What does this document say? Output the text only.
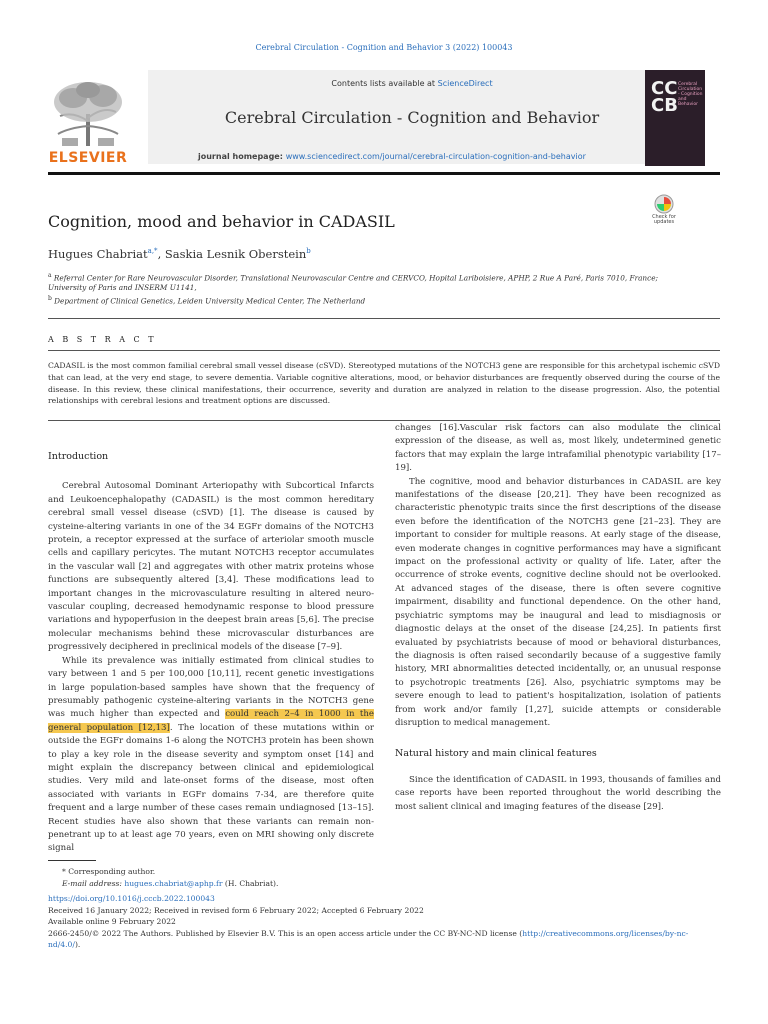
Cerebral Circulation - Cognition and Behavior 3 (2022) 100043
ELSEVIER
Contents lists available at ScienceDirect
Cerebral Circulation - Cognition and Behavior
journal homepage: www.sciencedirect.com/journal/cerebral-circulation-cognition-and-behavior
CC
CB
Cerebral Circulation - Cognition and Behavior
Cognition, mood and behavior in CADASIL	Check for updates
Hugues Chabriat$^{a,*}$, Saskia Lesnik Oberstein$^b$
$^a$ Referral Center for Rare Neurovascular Disorder, Translational Neurovascular Centre and CERVCO, Hopital Lariboisiere, APHP, 2 Rue A Paré, Paris 7010, France; University of Paris and INSERM U1141,
$^b$ Department of Clinical Genetics, Leiden University Medical Center, The Netherland
A B S T R A C T
CADASIL is the most common familial cerebral small vessel disease (cSVD). Stereotyped mutations of the NOTCH3 gene are responsible for this archetypal ischemic cSVD that can lead, at the very end stage, to severe dementia. Variable cognitive alterations, mood, or behavior disturbances are frequently observed during the course of the disease. In this review, these clinical manifestations, their occurrence, severity and duration are analyzed in relation to the disease progression. Also, the potential relationships with cerebral lesions and treatment options are discussed.
Introduction

Cerebral Autosomal Dominant Arteriopathy with Subcortical Infarcts and Leukoencephalopathy (CADASIL) is the most common hereditary cerebral small vessel disease (cSVD) [1]. The disease is caused by cysteine-altering variants in one of the 34 EGFr domains of the NOTCH3 protein, a receptor expressed at the surface of arteriolar smooth muscle cells and capillary pericytes. The mutant NOTCH3 receptor accumulates in the vascular wall [2] and aggregates with other matrix proteins whose functions are subsequently altered [3,4]. These modifications lead to important changes in the microvasculature resulting in altered neuro-vascular coupling, decreased hemodynamic response to blood pressure variations and hypoperfusion in the deepest brain areas [5,6]. The precise molecular mechanisms behind these microvascular disturbances are progressively deciphered in preclinical models of the disease [7–9].

While its prevalence was initially estimated from clinical studies to vary between 1 and 5 per 100,000 [10,11], recent genetic investigations in large population-based samples have shown that the frequency of presumably pathogenic cysteine-altering variants in the NOTCH3 gene was much higher than expected and could reach 2–4 in 1000 in the general population [12,13]. The location of these mutations within or outside the EGFr domains 1-6 along the NOTCH3 protein has been shown to play a key role in the disease severity and symptom onset [14] and might explain the discrepancy between clinical and epidemiological studies. Very mild and late-onset forms of the disease, most often associated with variants in EGFr domains 7-34, are therefore quite frequent and a large number of these cases remain undiagnosed [13–15]. Recent studies have also shown that these variants can remain non-penetrant up to at least age 70 years, even on MRI showing only discrete signal

changes [16].Vascular risk factors can also modulate the clinical expression of the disease, as well as, most likely, undetermined genetic factors that may explain the large intrafamilial phenotypic variability [17–19].

The cognitive, mood and behavior disturbances in CADASIL are key manifestations of the disease [20,21]. They have been recognized as characteristic phenotypic traits since the first descriptions of the disease even before the identification of the NOTCH3 gene [21–23]. They are important to consider for multiple reasons. At early stage of the disease, even moderate changes in cognitive performances may have a significant impact on the professional activity or quality of life. Later, after the occurrence of stroke events, cognitive decline should not be overlooked. At advanced stages of the disease, there is often severe cognitive impairment, disability and functional dependence. On the other hand, psychiatric symptoms may be inaugural and lead to misdiagnosis or diagnostic delays at the onset of the disease [24,25]. In patients first evaluated by psychiatrists because of mood or behavioral disturbances, the diagnosis is often raised secondarily because of a suggestive family history, MRI abnormalities detected incidentally, or, an unusual response to psychotropic treatments [26]. Also, psychiatric symptoms may be severe enough to lead to patient's hospitalization, isolation of patients from work and/or family [1,27], suicide attempts or considerable disruption to medical management.

Natural history and main clinical features

Since the identification of CADASIL in 1993, thousands of families and case reports have been reported throughout the world describing the most salient clinical and imaging features of the disease [29].

* Corresponding author.
E-mail address: hugues.chabriat@aphp.fr (H. Chabriat).
https://doi.org/10.1016/j.cccb.2022.100043
Received 16 January 2022; Received in revised form 6 February 2022; Accepted 6 February 2022
Available online 9 February 2022
2666-2450/© 2022 The Authors. Published by Elsevier B.V. This is an open access article under the CC BY-NC-ND license (http://creativecommons.org/licenses/by-nc-nd/4.0/).
